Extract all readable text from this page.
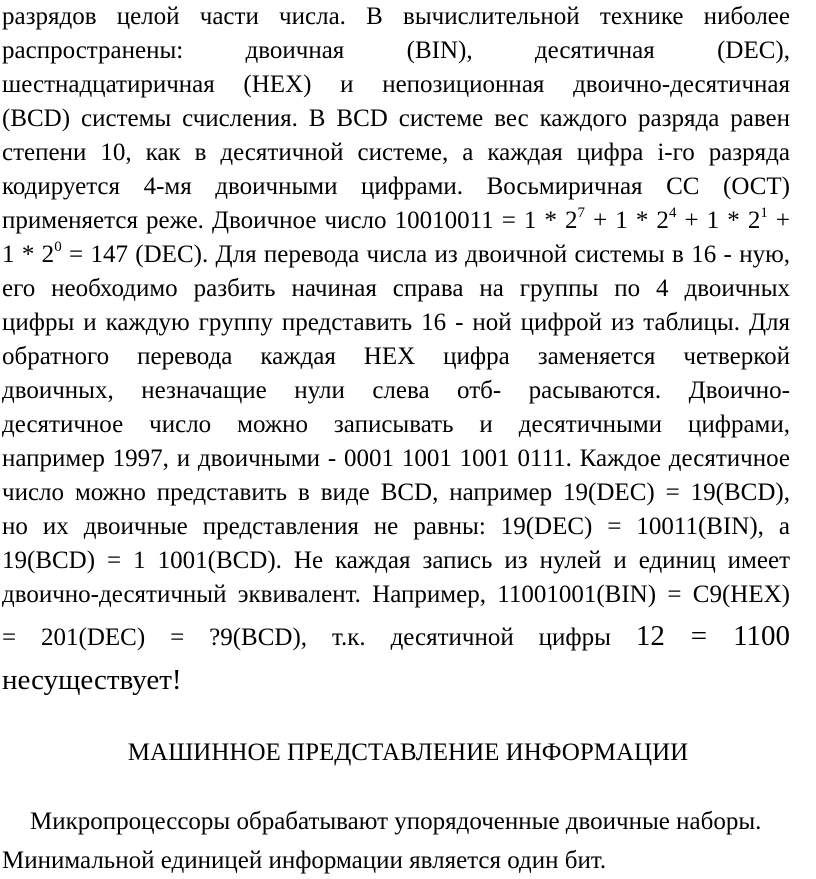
разрядов целой части числа. В вычислительной технике ниболее
распространены: двоичная (BIN), десятичная (DEC),
шестнадцатиричная (HEX) и непозиционная двоично-десятичная
(BCD) системы счисления. В BCD системе вес каждого разряда равен
степени 10, как в десятичной системе, а каждая цифра i-го разряда
кодируется 4-мя двоичными цифрами. Восьмиричная СС (ОСТ)
применяется реже. Двоичное число $10010011 = 1 * 2^7 + 1 * 2^4 + 1 * 2^1$ +
$1 * 2^0 = 147$ (DEC). Для перевода числа из двоичной системы в 16 - ную,
его необходимо разбить начиная справа на группы по 4 двоичных
цифры и каждую группу представить 16 - ной цифрой из таблицы. Для
обратного перевода каждая HEX цифра заменяется четверкой
двоичных, незначащие нули слева отб- расываются. Двоично-
десятичное число можно записывать и десятичными цифрами,
например 1997, и двоичными - 0001 1001 1001 0111. Каждое десятичное
число можно представить в виде BCD, например 19(DEC) = 19(BCD),
но их двоичные представления не равны: 19(DEC) = 10011(BIN), а
19(BCD) = 1 1001(BCD). Не каждая запись из нулей и единиц имеет
двоично-десятичный эквивалент. Например, 11001001(BIN) = C9(HEX)
= 201(DEC) = ?9(BCD), т.к. десятичной цифры 12 = 1100
несуществует!
МАШИННОЕ ПРЕДСТАВЛЕНИЕ ИНФОРМАЦИИ
Микропроцессоры обрабатывают упорядоченные двоичные наборы.
Минимальной единицей информации является один бит.
